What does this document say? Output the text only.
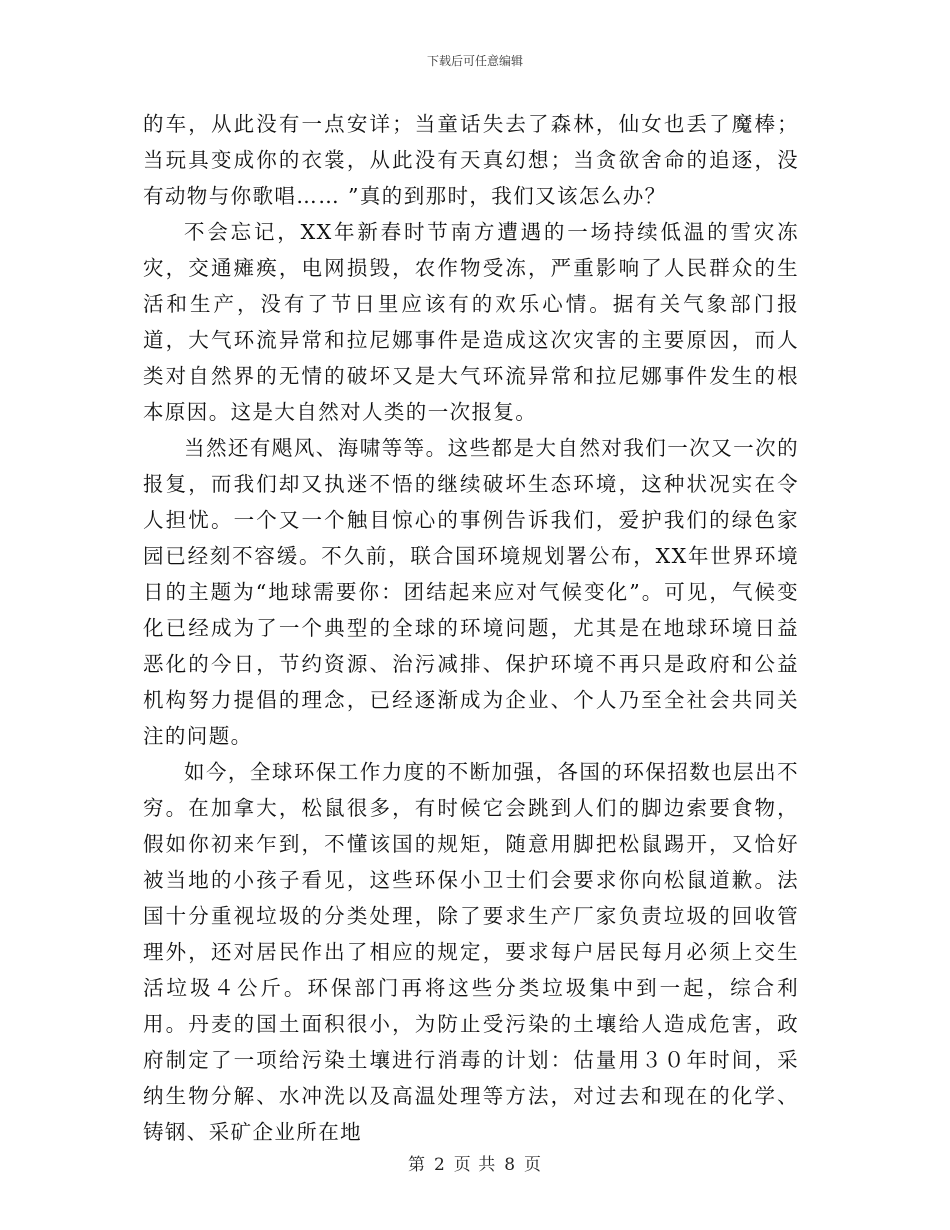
下载后可任意编辑

的车，从此没有一点安详；当童话失去了森林，仙女也丢了魔棒；当玩具变成你的衣裳，从此没有天真幻想；当贪欲舍命的追逐，没有动物与你歌唱…… ”真的到那时，我们又该怎么办？

不会忘记，XX年新春时节南方遭遇的一场持续低温的雪灾冻灾，交通瘫痪，电网损毁，农作物受冻，严重影响了人民群众的生活和生产，没有了节日里应该有的欢乐心情。据有关气象部门报道，大气环流异常和拉尼娜事件是造成这次灾害的主要原因，而人类对自然界的无情的破坏又是大气环流异常和拉尼娜事件发生的根本原因。这是大自然对人类的一次报复。

当然还有飓风、海啸等等。这些都是大自然对我们一次又一次的报复，而我们却又执迷不悟的继续破坏生态环境，这种状况实在令人担忧。一个又一个触目惊心的事例告诉我们，爱护我们的绿色家园已经刻不容缓。不久前，联合国环境规划署公布，XX年世界环境日的主题为“地球需要你：团结起来应对气候变化”。可见，气候变化已经成为了一个典型的全球的环境问题，尤其是在地球环境日益恶化的今日，节约资源、治污减排、保护环境不再只是政府和公益机构努力提倡的理念，已经逐渐成为企业、个人乃至全社会共同关注的问题。

如今，全球环保工作力度的不断加强，各国的环保招数也层出不穷。在加拿大，松鼠很多，有时候它会跳到人们的脚边索要食物，假如你初来乍到，不懂该国的规矩，随意用脚把松鼠踢开，又恰好被当地的小孩子看见，这些环保小卫士们会要求你向松鼠道歉。法国十分重视垃圾的分类处理，除了要求生产厂家负责垃圾的回收管理外，还对居民作出了相应的规定，要求每户居民每月必须上交生活垃圾４公斤。环保部门再将这些分类垃圾集中到一起，综合利用。丹麦的国土面积很小，为防止受污染的土壤给人造成危害，政府制定了一项给污染土壤进行消毒的计划：估量用３０年时间，采纳生物分解、水冲洗以及高温处理等方法，对过去和现在的化学、铸钢、采矿企业所在地

第 2 页 共 8 页
